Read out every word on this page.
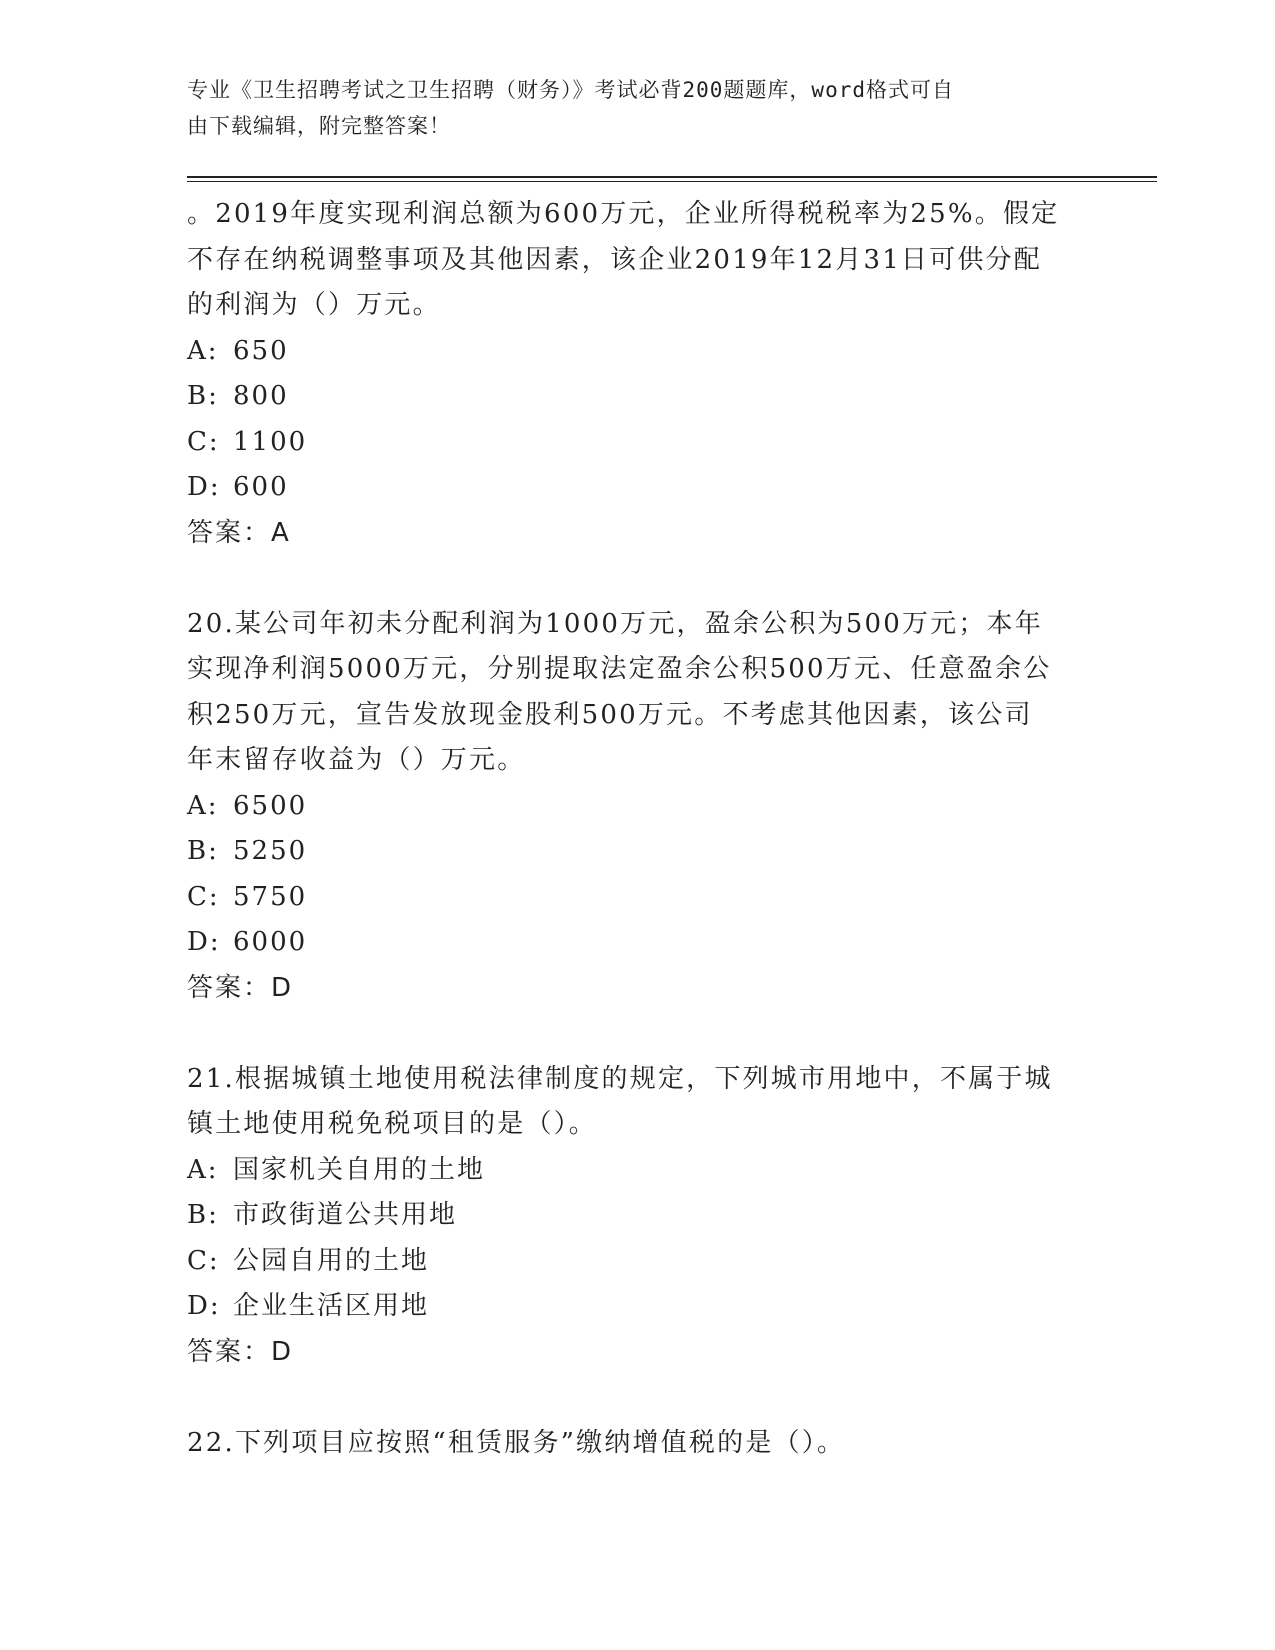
专业《卫生招聘考试之卫生招聘（财务）》考试必背200题题库，word格式可自
由下载编辑，附完整答案！

。2019年度实现利润总额为600万元，企业所得税税率为25%。假定

不存在纳税调整事项及其他因素，该企业2019年12月31日可供分配

的利润为（）万元。

A: 650

B: 800

C: 1100

D: 600

答案：A

20.某公司年初未分配利润为1000万元，盈余公积为500万元；本年

实现净利润5000万元，分别提取法定盈余公积500万元、任意盈余公

积250万元，宣告发放现金股利500万元。不考虑其他因素，该公司

年末留存收益为（）万元。

A: 6500

B: 5250

C: 5750

D: 6000

答案：D

21.根据城镇土地使用税法律制度的规定，下列城市用地中，不属于城

镇土地使用税免税项目的是（）。

A: 国家机关自用的土地

B: 市政街道公共用地

C: 公园自用的土地

D: 企业生活区用地

答案：D

22.下列项目应按照“租赁服务”缴纳增值税的是（）。
